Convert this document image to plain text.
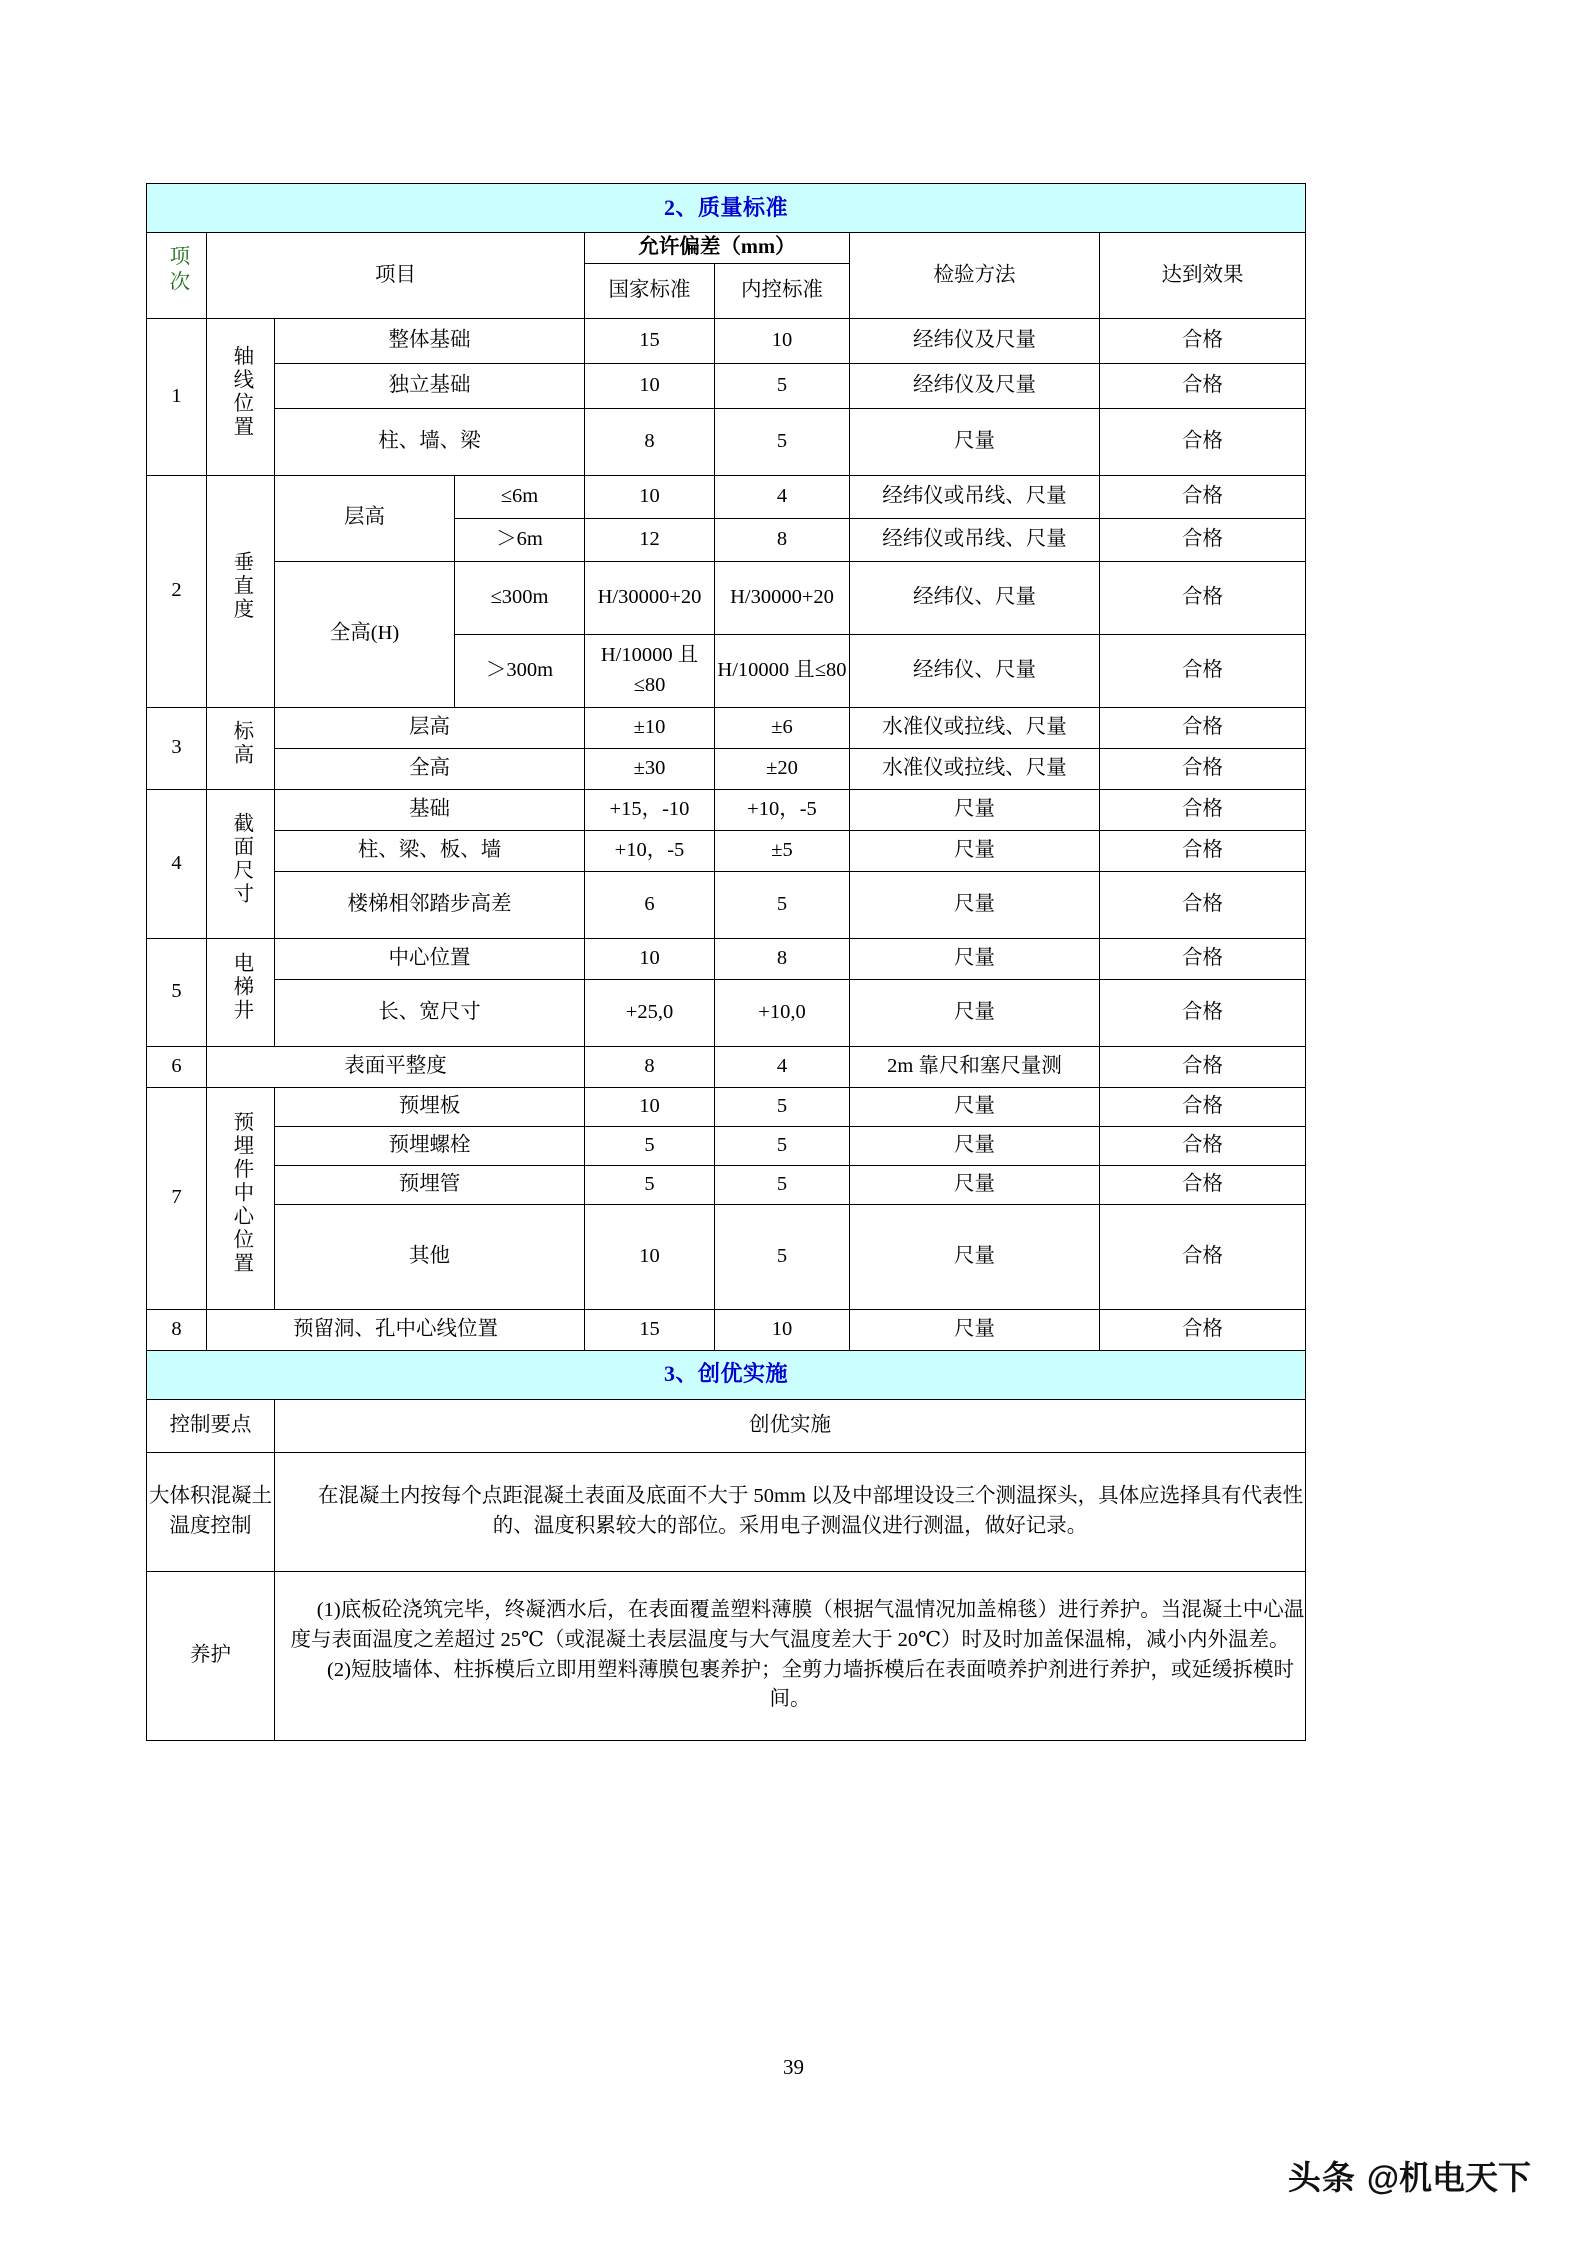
2、质量标准							
项次	项目			允许偏差（mm）		检验方法	达到效果
				国家标准	内控标准		
1	轴线位置	整体基础		15	10	经纬仪及尺量	合格
		独立基础		10	5	经纬仪及尺量	合格
		柱、墙、梁		8	5	尺量	合格
2	垂直度	层高	≤6m	10	4	经纬仪或吊线、尺量	合格
			＞6m	12	8	经纬仪或吊线、尺量	合格
		全高(H)	≤300m	H/30000+20	H/30000+20	经纬仪、尺量	合格
			＞300m	H/10000 且≤80	H/10000 且≤80	经纬仪、尺量	合格
3	标高	层高		±10	±6	水准仪或拉线、尺量	合格
		全高		±30	±20	水准仪或拉线、尺量	合格
4	截面尺寸	基础		+15，-10	+10，-5	尺量	合格
		柱、梁、板、墙		+10，-5	±5	尺量	合格
		楼梯相邻踏步高差		6	5	尺量	合格
5	电梯井	中心位置		10	8	尺量	合格
		长、宽尺寸		+25,0	+10,0	尺量	合格
6	表面平整度			8	4	2m 靠尺和塞尺量测	合格
7	预埋件中心位置	预埋板		10	5	尺量	合格
		预埋螺栓		5	5	尺量	合格
		预埋管		5	5	尺量	合格
		其他		10	5	尺量	合格
8	预留洞、孔中心线位置			15	10	尺量	合格
3、创优实施							
控制要点		创优实施					
大体积混凝土温度控制		在混凝土内按每个点距混凝土表面及底面不大于 50mm 以及中部埋设设三个测温探头，具体应选择具有代表性的、温度积累较大的部位。采用电子测温仪进行测温，做好记录。					

养护		(1)底板砼浇筑完毕，终凝洒水后，在表面覆盖塑料薄膜（根据气温情况加盖棉毯）进行养护。当混凝土中心温度与表面温度之差超过 25℃（或混凝土表层温度与大气温度差大于 20℃）时及时加盖保温棉，减小内外温差。

(2)短肢墙体、柱拆模后立即用塑料薄膜包裹养护；全剪力墙拆模后在表面喷养护剂进行养护，或延缓拆模时间。					

39
头条 @机电天下
